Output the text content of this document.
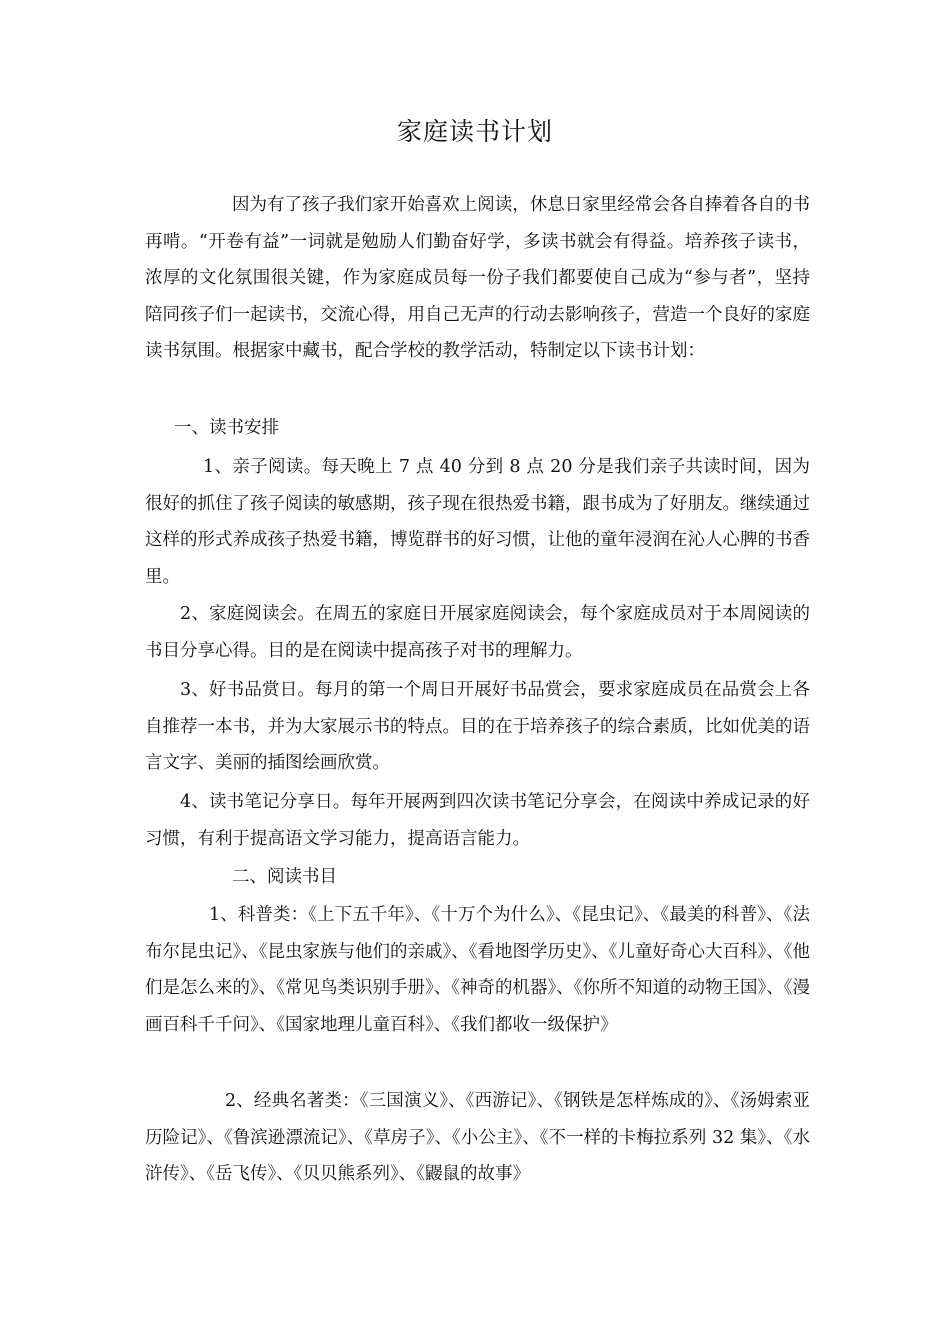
家庭读书计划

因为有了孩子我们家开始喜欢上阅读，休息日家里经常会各自捧着各自的书再啃。“开卷有益”一词就是勉励人们勤奋好学，多读书就会有得益。培养孩子读书，浓厚的文化氛围很关键，作为家庭成员每一份子我们都要使自己成为“参与者”，坚持陪同孩子们一起读书，交流心得，用自己无声的行动去影响孩子，营造一个良好的家庭读书氛围。根据家中藏书，配合学校的教学活动，特制定以下读书计划：

一、读书安排

1、亲子阅读。每天晚上 7 点 40 分到 8 点 20 分是我们亲子共读时间，因为很好的抓住了孩子阅读的敏感期，孩子现在很热爱书籍，跟书成为了好朋友。继续通过这样的形式养成孩子热爱书籍，博览群书的好习惯，让他的童年浸润在沁人心脾的书香里。

2、家庭阅读会。在周五的家庭日开展家庭阅读会，每个家庭成员对于本周阅读的书目分享心得。目的是在阅读中提高孩子对书的理解力。

3、好书品赏日。每月的第一个周日开展好书品赏会，要求家庭成员在品赏会上各自推荐一本书，并为大家展示书的特点。目的在于培养孩子的综合素质，比如优美的语言文字、美丽的插图绘画欣赏。

4、读书笔记分享日。每年开展两到四次读书笔记分享会，在阅读中养成记录的好习惯，有利于提高语文学习能力，提高语言能力。

二、阅读书目

1、科普类：《上下五千年》、《十万个为什么》、《昆虫记》、《最美的科普》、《法布尔昆虫记》、《昆虫家族与他们的亲戚》、《看地图学历史》、《儿童好奇心大百科》、《他们是怎么来的》、《常见鸟类识别手册》、《神奇的机器》、《你所不知道的动物王国》、《漫画百科千千问》、《国家地理儿童百科》、《我们都收一级保护》

2、经典名著类：《三国演义》、《西游记》、《钢铁是怎样炼成的》、《汤姆索亚历险记》、《鲁滨逊漂流记》、《草房子》、《小公主》、《不一样的卡梅拉系列 32 集》、《水浒传》、《岳飞传》、《贝贝熊系列》、《鼹鼠的故事》
